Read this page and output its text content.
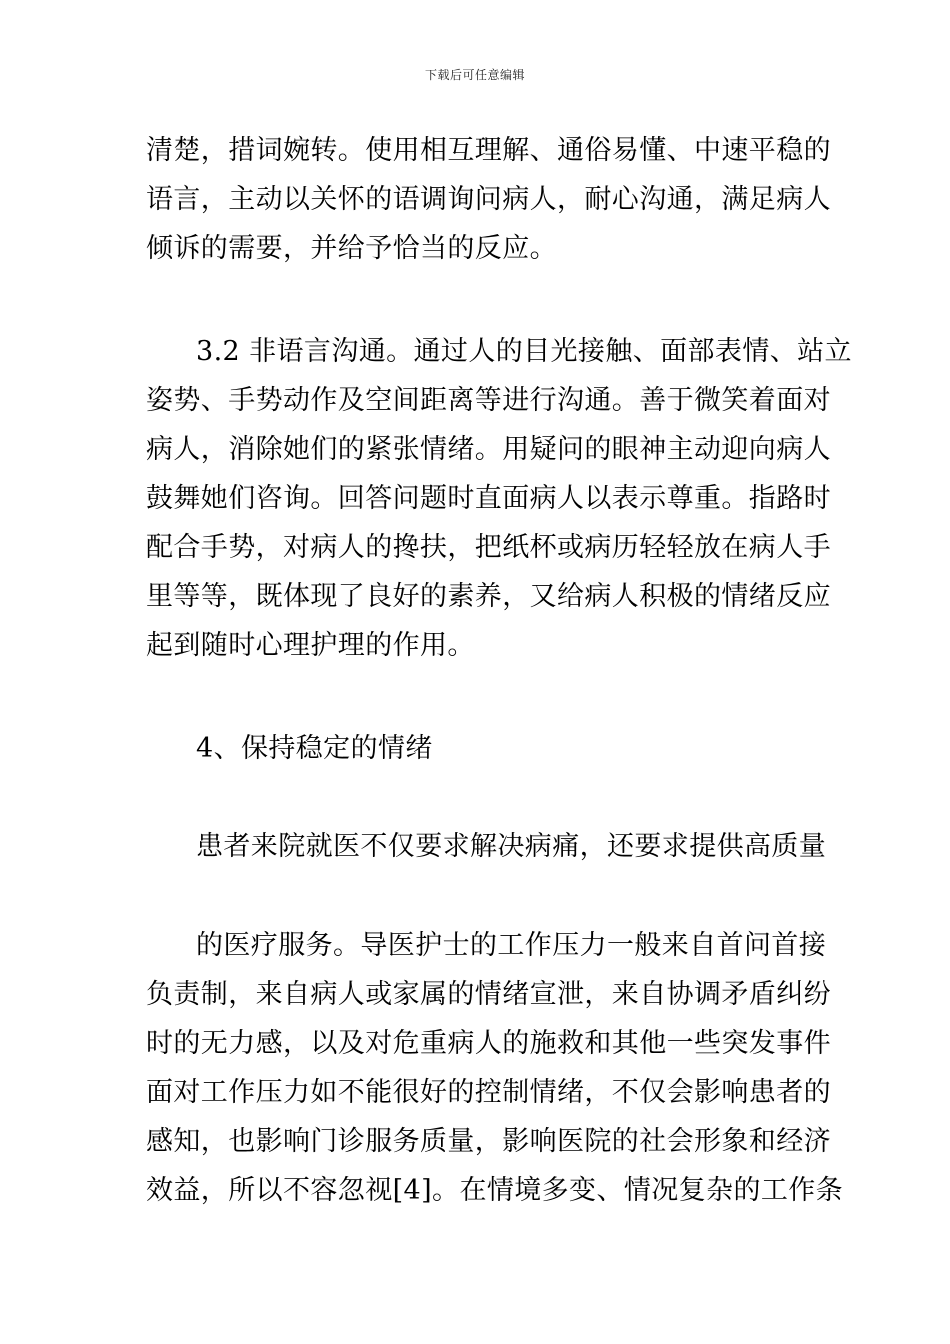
下载后可任意编辑
清楚，措词婉转。使用相互理解、通俗易懂、中速平稳的
语言，主动以关怀的语调询问病人，耐心沟通，满足病人
倾诉的需要，并给予恰当的反应。
3.2 非语言沟通。通过人的目光接触、面部表情、站立
姿势、手势动作及空间距离等进行沟通。善于微笑着面对
病人，消除她们的紧张情绪。用疑问的眼神主动迎向病人
鼓舞她们咨询。回答问题时直面病人以表示尊重。指路时
配合手势，对病人的搀扶，把纸杯或病历轻轻放在病人手
里等等，既体现了良好的素养，又给病人积极的情绪反应
起到随时心理护理的作用。
4、保持稳定的情绪
患者来院就医不仅要求解决病痛，还要求提供高质量
的医疗服务。导医护士的工作压力一般来自首问首接
负责制，来自病人或家属的情绪宣泄，来自协调矛盾纠纷
时的无力感，以及对危重病人的施救和其他一些突发事件
面对工作压力如不能很好的控制情绪，不仅会影响患者的
感知，也影响门诊服务质量，影响医院的社会形象和经济
效益，所以不容忽视[4]。在情境多变、情况复杂的工作条
